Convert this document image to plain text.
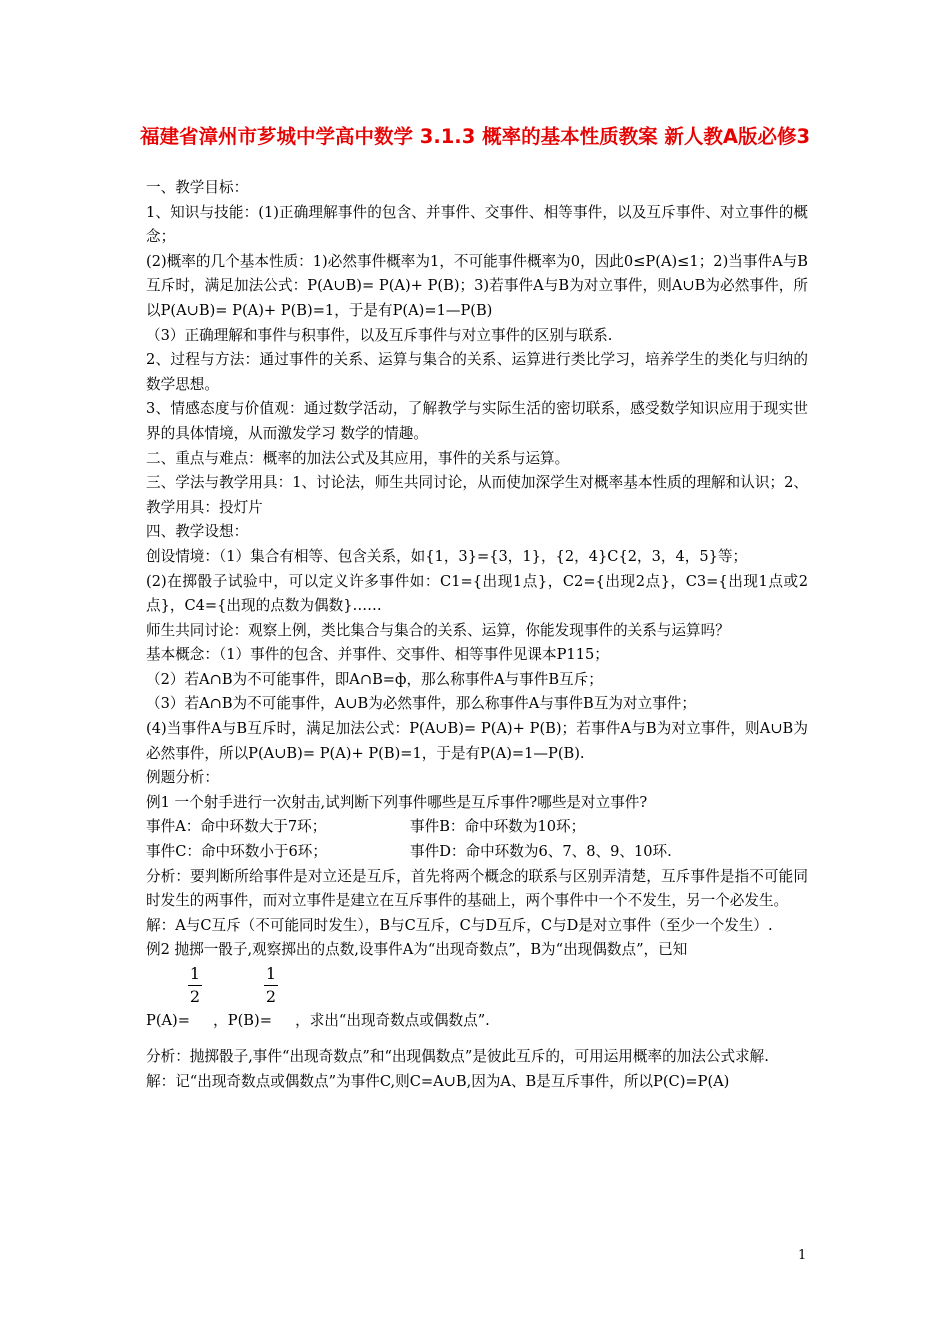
福建省漳州市芗城中学高中数学 3.1.3 概率的基本性质教案 新人教A版必修3

一、教学目标：

1、知识与技能：(1)正确理解事件的包含、并事件、交事件、相等事件，以及互斥事件、对立事件的概念；

(2)概率的几个基本性质：1)必然事件概率为1，不可能事件概率为0，因此0≤P(A)≤1；2)当事件A与B互斥时，满足加法公式：P(A∪B)= P(A)+ P(B)；3)若事件A与B为对立事件，则A∪B为必然事件，所以P(A∪B)= P(A)+ P(B)=1，于是有P(A)=1—P(B)

（3）正确理解和事件与积事件，以及互斥事件与对立事件的区别与联系.

2、过程与方法：通过事件的关系、运算与集合的关系、运算进行类比学习，培养学生的类化与归纳的数学思想。

3、情感态度与价值观：通过数学活动，了解教学与实际生活的密切联系，感受数学知识应用于现实世界的具体情境，从而激发学习 数学的情趣。

二、重点与难点：概率的加法公式及其应用，事件的关系与运算。

三、学法与教学用具：1、讨论法，师生共同讨论，从而使加深学生对概率基本性质的理解和认识；2、教学用具：投灯片

四、教学设想：

创设情境：（1）集合有相等、包含关系，如{1，3}={3，1}，{2，4}C{2，3，4，5}等；

(2)在掷骰子试验中，可以定义许多事件如：C1={出现1点}，C2={出现2点}，C3={出现1点或2点}，C4={出现的点数为偶数}……

师生共同讨论：观察上例，类比集合与集合的关系、运算，你能发现事件的关系与运算吗？

基本概念：（1）事件的包含、并事件、交事件、相等事件见课本P115；

（2）若A∩B为不可能事件，即A∩B=ф，那么称事件A与事件B互斥；

（3）若A∩B为不可能事件，A∪B为必然事件，那么称事件A与事件B互为对立事件；

(4)当事件A与B互斥时，满足加法公式：P(A∪B)= P(A)+ P(B)；若事件A与B为对立事件，则A∪B为必然事件，所以P(A∪B)= P(A)+ P(B)=1，于是有P(A)=1—P(B).

例题分析：

例1 一个射手进行一次射击,试判断下列事件哪些是互斥事件?哪些是对立事件?

事件A：命中环数大于7环；	事件B：命中环数为10环；
事件C：命中环数小于6环；	事件D：命中环数为6、7、8、9、10环.

分析：要判断所给事件是对立还是互斥，首先将两个概念的联系与区别弄清楚，互斥事件是指不可能同时发生的两事件，而对立事件是建立在互斥事件的基础上，两个事件中一个不发生，另一个必发生。

解：A与C互斥（不可能同时发生），B与C互斥，C与D互斥，C与D是对立事件（至少一个发生）.

例2 抛掷一骰子,观察掷出的点数,设事件A为“出现奇数点”，B为“出现偶数点”，已知

1
2
1
2
P(A)=     ，P(B)=     ，求出“出现奇数点或偶数点”.

分析：抛掷骰子,事件“出现奇数点”和“出现偶数点”是彼此互斥的，可用运用概率的加法公式求解.

解：记“出现奇数点或偶数点”为事件C,则C=A∪B,因为A、B是互斥事件，所以P(C)=P(A)

1
